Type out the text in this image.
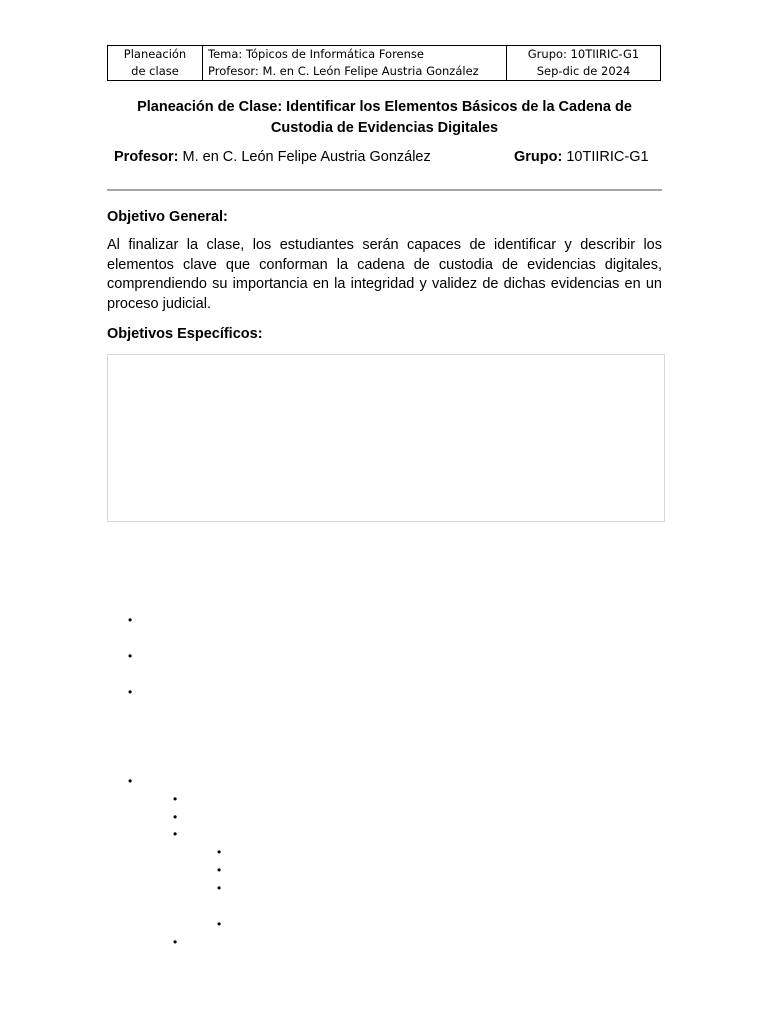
Planeación
de clase

Tema: Tópicos de Informática Forense
Profesor: M. en C. León Felipe Austria González

Grupo: 10TIIRIC-G1
Sep-dic de 2024
Planeación de Clase: Identificar los Elementos Básicos de la Cadena de
Custodia de Evidencias Digitales
Profesor: M. en C. León Felipe Austria González	Grupo: 10TIIRIC-G1
Objetivo General:
Al finalizar la clase, los estudiantes serán capaces de identificar y describir los elementos clave que conforman la cadena de custodia de evidencias digitales, comprendiendo su importancia en la integridad y validez de dichas evidencias en un proceso judicial.
Objetivos Específicos:
•
•
•
•
•
•
•
•
•
•
•
•
